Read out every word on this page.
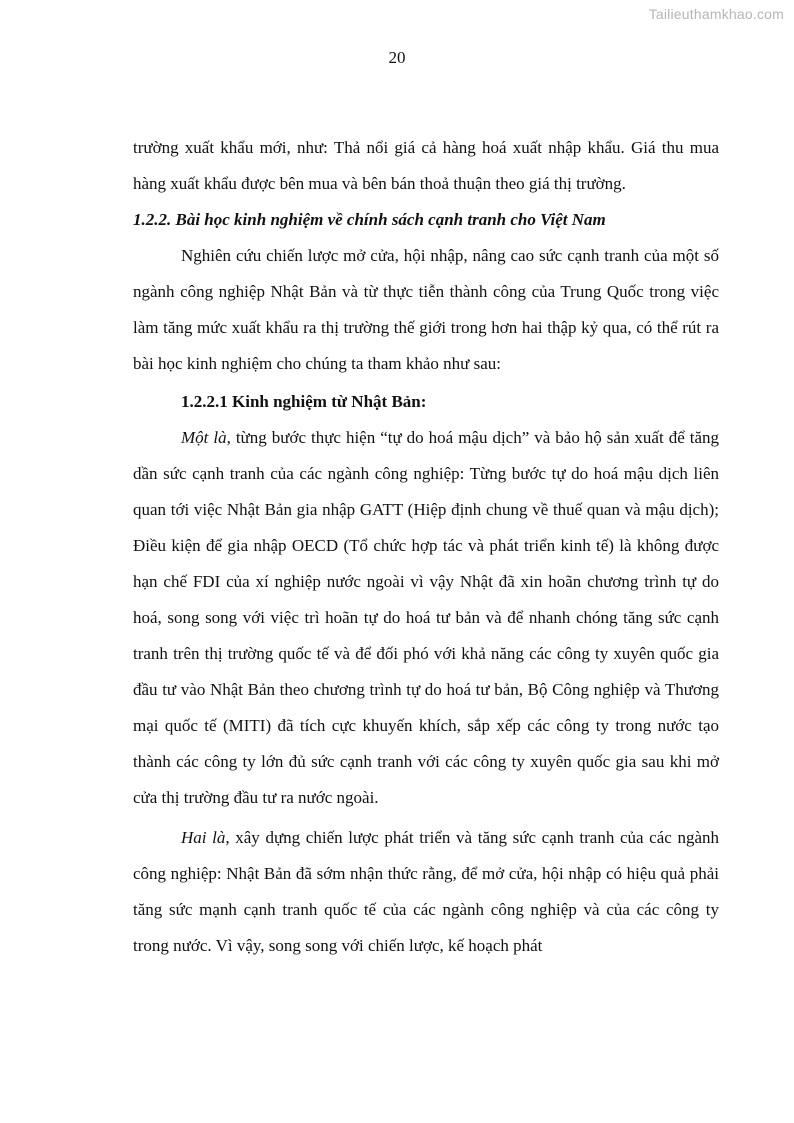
Tailieuthamkhao.com
20

trường xuất khẩu mới, như: Thả nổi giá cả hàng hoá xuất nhập khẩu. Giá thu mua hàng xuất khẩu được bên mua và bên bán thoả thuận theo giá thị trường.

1.2.2. Bài học kinh nghiệm về chính sách cạnh tranh cho Việt Nam

Nghiên cứu chiến lược mở cửa, hội nhập, nâng cao sức cạnh tranh của một số ngành công nghiệp Nhật Bản và từ thực tiễn thành công của Trung Quốc trong việc làm tăng mức xuất khẩu ra thị trường thế giới trong hơn hai thập kỷ qua, có thể rút ra bài học kinh nghiệm cho chúng ta tham khảo như sau:

1.2.2.1 Kinh nghiệm từ Nhật Bản:

Một là, từng bước thực hiện “tự do hoá mậu dịch” và bảo hộ sản xuất để tăng dần sức cạnh tranh của các ngành công nghiệp: Từng bước tự do hoá mậu dịch liên quan tới việc Nhật Bản gia nhập GATT (Hiệp định chung về thuế quan và mậu dịch); Điều kiện để gia nhập OECD (Tổ chức hợp tác và phát triển kinh tế) là không được hạn chế FDI của xí nghiệp nước ngoài vì vậy Nhật đã xin hoãn chương trình tự do hoá, song song với việc trì hoãn tự do hoá tư bản và để nhanh chóng tăng sức cạnh tranh trên thị trường quốc tế và để đối phó với khả năng các công ty xuyên quốc gia đầu tư vào Nhật Bản theo chương trình tự do hoá tư bản, Bộ Công nghiệp và Thương mại quốc tế (MITI) đã tích cực khuyến khích, sắp xếp các công ty trong nước tạo thành các công ty lớn đủ sức cạnh tranh với các công ty xuyên quốc gia sau khi mở cửa thị trường đầu tư ra nước ngoài.

Hai là, xây dựng chiến lược phát triển và tăng sức cạnh tranh của các ngành công nghiệp: Nhật Bản đã sớm nhận thức rằng, để mở cửa, hội nhập có hiệu quả phải tăng sức mạnh cạnh tranh quốc tế của các ngành công nghiệp và của các công ty trong nước. Vì vậy, song song với chiến lược, kế hoạch phát
